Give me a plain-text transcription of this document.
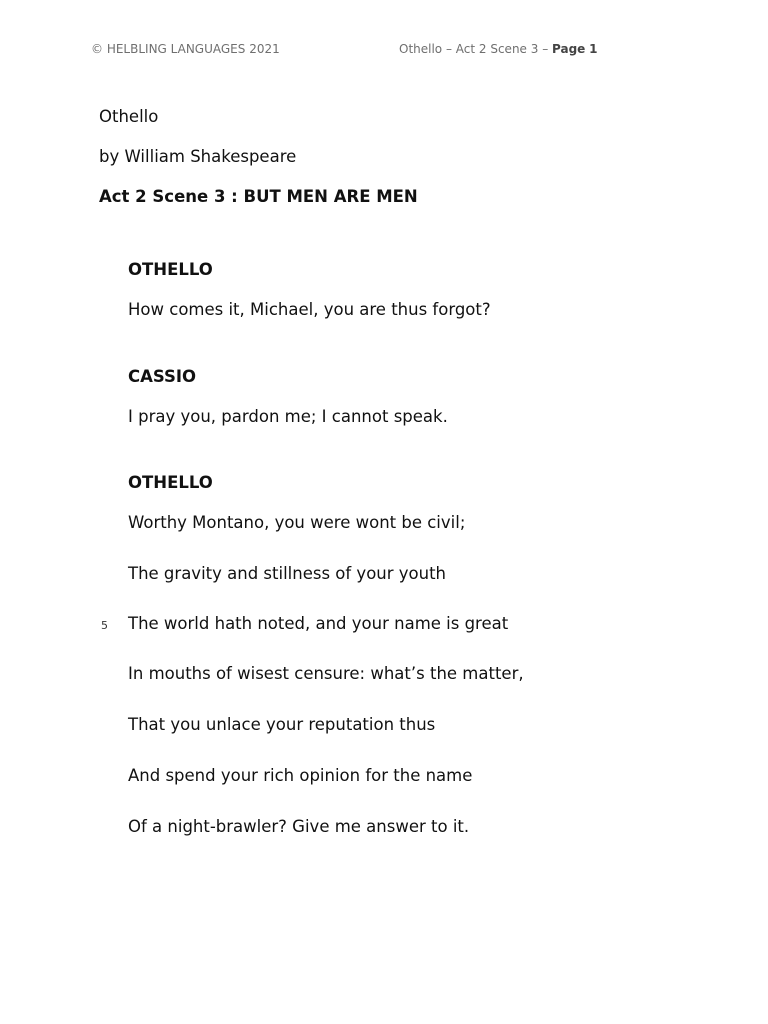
© HELBLING LANGUAGES 2021	Othello – Act 2 Scene 3 – Page 1
Othello
by William Shakespeare
Act 2 Scene 3 : BUT MEN ARE MEN
OTHELLO
How comes it, Michael, you are thus forgot?
CASSIO
I pray you, pardon me; I cannot speak.
OTHELLO
Worthy Montano, you were wont be civil;
The gravity and stillness of your youth
5 The world hath noted, and your name is great
In mouths of wisest censure: what’s the matter,
That you unlace your reputation thus
And spend your rich opinion for the name
Of a night-brawler? Give me answer to it.
